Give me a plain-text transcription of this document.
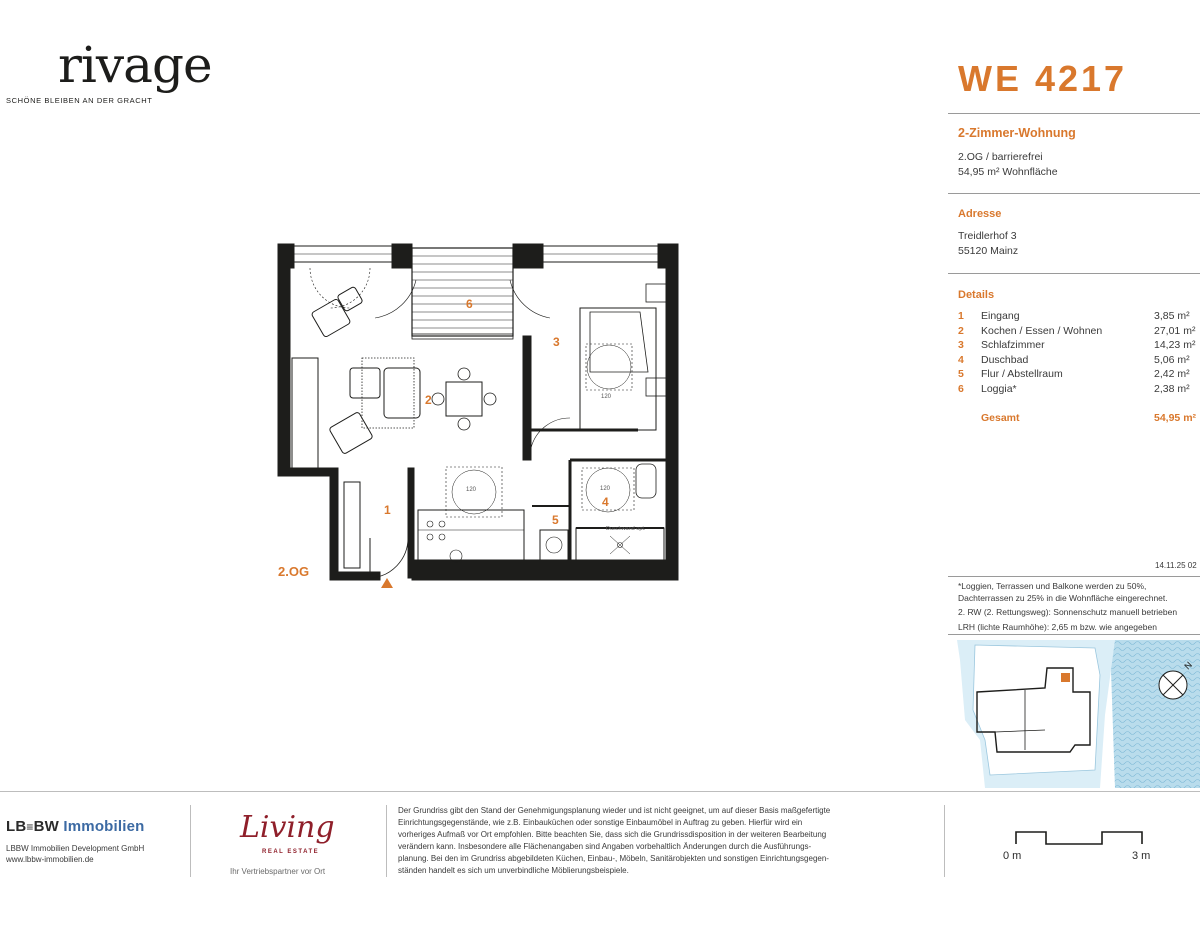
rivage
SCHÖNE BLEIBEN AN DER GRACHT
WE 4217
2-Zimmer-Wohnung
2.OG / barrierefrei
54,95 m² Wohnfläche
Adresse
Treidlerhof 3
55120 Mainz
Details
1 Eingang	3,85 m²
2 Kochen / Essen / Wohnen	27,01 m²
3 Schlafzimmer	14,23 m²
4 Duschbad	5,06 m²
5 Flur / Abstellraum	2,42 m²
6 Loggia*	2,38 m²
Gesamt	54,95 m²
14.11.25 02
*Loggien, Terrassen und Balkone werden zu 50%,
Dachterrassen zu 25% in die Wohnfläche eingerechnet.
2. RW (2. Rettungsweg): Sonnenschutz manuell betrieben
LRH (lichte Raumhöhe): 2,65 m bzw. wie angegeben
N
6
2
3
1
5
4
120
120
120
Duschwand opt.
2.OG
LB≡BW Immobilien
LBBW Immobilien Development GmbH
www.lbbw-immobilien.de
Living
REAL ESTATE
Ihr Vertriebspartner vor Ort
Der Grundriss gibt den Stand der Genehmigungsplanung wieder und ist nicht geeignet, um auf dieser Basis maßgefertigte
Einrichtungsgegenstände, wie z.B. Einbauküchen oder sonstige Einbaumöbel in Auftrag zu geben. Hierfür wird ein
vorheriges Aufmaß vor Ort empfohlen. Bitte beachten Sie, dass sich die Grundrissdisposition in der weiteren Bearbeitung
verändern kann. Insbesondere alle Flächenangaben sind Angaben vorbehaltlich Änderungen durch die Ausführungs-
planung. Bei den im Grundriss abgebildeten Küchen, Einbau-, Möbeln, Sanitärobjekten und sonstigen Einrichtungsgegen-
ständen handelt es sich um unverbindliche Möblierungsbeispiele.
0 m	3 m
